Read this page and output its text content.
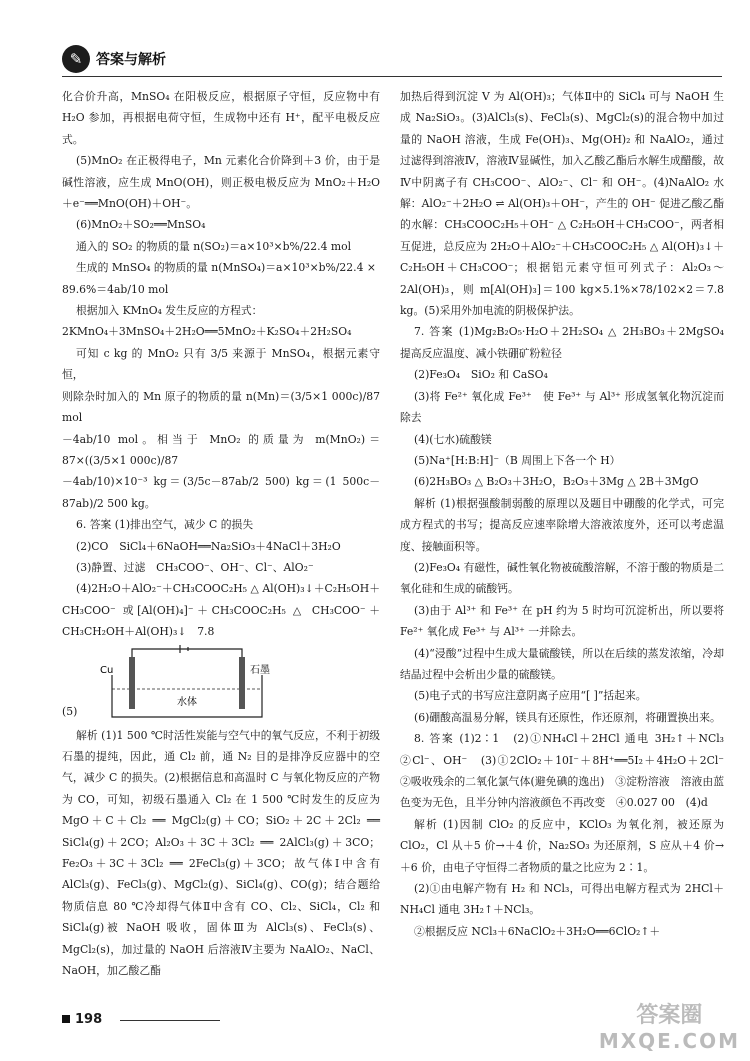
✎ 答案与解析

化合价升高，MnSO₄ 在阳极反应，根据原子守恒，反应物中有 H₂O 参加，再根据电荷守恒，生成物中还有 H⁺，配平电极反应式。

(5)MnO₂ 在正极得电子，Mn 元素化合价降到＋3 价，由于是碱性溶液，应生成 MnO(OH)，则正极电极反应为 MnO₂＋H₂O＋e⁻══MnO(OH)＋OH⁻。

(6)MnO₂＋SO₂══MnSO₄

通入的 SO₂ 的物质的量 n(SO₂)＝a×10³×b%/22.4 mol

生成的 MnSO₄ 的物质的量 n(MnSO₄)＝a×10³×b%/22.4 ×

89.6%＝4ab/10 mol

根据加入 KMnO₄ 发生反应的方程式：

2KMnO₄＋3MnSO₄＋2H₂O══5MnO₂＋K₂SO₄＋2H₂SO₄

可知 c kg 的 MnO₂ 只有 3/5 来源于 MnSO₄，根据元素守恒，

则除杂时加入的 Mn 原子的物质的量 n(Mn)＝(3/5×1 000c)/87 mol

－4ab/10 mol。相当于 MnO₂ 的质量为 m(MnO₂)＝87×((3/5×1 000c)/87

－4ab/10)×10⁻³ kg＝(3/5c－87ab/2 500) kg＝(1 500c－87ab)/2 500 kg。

6. 答案 (1)排出空气，减少 C 的损失

(2)CO　SiCl₄＋6NaOH══Na₂SiO₃＋4NaCl＋3H₂O

(3)静置、过滤　CH₃COO⁻、OH⁻、Cl⁻、AlO₂⁻

(4)2H₂O＋AlO₂⁻＋CH₃COOC₂H₅ △ Al(OH)₃↓＋C₂H₅OH＋CH₃COO⁻ 或[Al(OH)₄]⁻＋CH₃COOC₂H₅ △ CH₃COO⁻＋CH₃CH₂OH＋Al(OH)₃↓　7.8

(5)
Cu	石墨
水体

解析 (1)1 500 ℃时活性炭能与空气中的氧气反应，不利于初级石墨的提纯，因此，通 Cl₂ 前，通 N₂ 目的是排净反应器中的空气，减少 C 的损失。(2)根据信息和高温时 C 与氧化物反应的产物为 CO，可知，初级石墨通入 Cl₂ 在 1 500 ℃时发生的反应为 MgO＋C＋Cl₂ ══ MgCl₂(g)＋CO；SiO₂＋2C＋2Cl₂ ══ SiCl₄(g)＋2CO；Al₂O₃＋3C＋3Cl₂ ══ 2AlCl₃(g)＋3CO；Fe₂O₃＋3C＋3Cl₂ ══ 2FeCl₃(g)＋3CO；故气体Ⅰ中含有 AlCl₃(g)、FeCl₃(g)、MgCl₂(g)、SiCl₄(g)、CO(g)；结合题给物质信息 80 ℃冷却得气体Ⅱ中含有 CO、Cl₂、SiCl₄，Cl₂ 和 SiCl₄(g)被 NaOH 吸收，固体Ⅲ为 AlCl₃(s)、FeCl₃(s)、MgCl₂(s)，加过量的 NaOH 后溶液Ⅳ主要为 NaAlO₂、NaCl、NaOH，加乙酸乙酯

加热后得到沉淀 V 为 Al(OH)₃；气体Ⅱ中的 SiCl₄ 可与 NaOH 生成 Na₂SiO₃。(3)AlCl₃(s)、FeCl₃(s)、MgCl₂(s)的混合物中加过量的 NaOH 溶液，生成 Fe(OH)₃、Mg(OH)₂ 和 NaAlO₂，通过过滤得到溶液Ⅳ，溶液Ⅳ显碱性，加入乙酸乙酯后水解生成醋酸，故Ⅳ中阴离子有 CH₃COO⁻、AlO₂⁻、Cl⁻ 和 OH⁻。(4)NaAlO₂ 水解：AlO₂⁻＋2H₂O ⇌ Al(OH)₃＋OH⁻，产生的 OH⁻ 促进乙酸乙酯的水解：CH₃COOC₂H₅＋OH⁻ △ C₂H₅OH＋CH₃COO⁻，两者相互促进，总反应为 2H₂O＋AlO₂⁻＋CH₃COOC₂H₅ △ Al(OH)₃↓＋C₂H₅OH＋CH₃COO⁻；根据铝元素守恒可列式子：Al₂O₃～2Al(OH)₃，则 m[Al(OH)₃]＝100 kg×5.1%×78/102×2＝7.8 kg。(5)采用外加电流的阴极保护法。

7. 答案 (1)Mg₂B₂O₅·H₂O＋2H₂SO₄ △ 2H₃BO₃＋2MgSO₄　提高反应温度、减小铁硼矿粉粒径

(2)Fe₃O₄　SiO₂ 和 CaSO₄

(3)将 Fe²⁺ 氧化成 Fe³⁺　使 Fe³⁺ 与 Al³⁺ 形成氢氧化物沉淀而除去

(4)(七水)硫酸镁

(5)Na⁺[H:B:H]⁻（B 周围上下各一个 H）

(6)2H₃BO₃ △ B₂O₃＋3H₂O，B₂O₃＋3Mg △ 2B＋3MgO

解析 (1)根据强酸制弱酸的原理以及题目中硼酸的化学式，可完成方程式的书写；提高反应速率除增大溶液浓度外，还可以考虑温度、接触面积等。

(2)Fe₃O₄ 有磁性，碱性氧化物被硫酸溶解，不溶于酸的物质是二氧化硅和生成的硫酸钙。

(3)由于 Al³⁺ 和 Fe³⁺ 在 pH 约为 5 时均可沉淀析出，所以要将 Fe²⁺ 氧化成 Fe³⁺ 与 Al³⁺ 一并除去。

(4)“浸酸”过程中生成大量硫酸镁，所以在后续的蒸发浓缩，冷却结晶过程中会析出少量的硫酸镁。

(5)电子式的书写应注意阴离子应用“[ ]”括起来。

(6)硼酸高温易分解，镁具有还原性，作还原剂，将硼置换出来。

8. 答案 (1)2∶1　(2)①NH₄Cl＋2HCl 通电 3H₂↑＋NCl₃　②Cl⁻、OH⁻　(3)①2ClO₂＋10I⁻＋8H⁺══5I₂＋4H₂O＋2Cl⁻　②吸收残余的二氧化氯气体(避免碘的逸出)　③淀粉溶液　溶液由蓝色变为无色，且半分钟内溶液颜色不再改变　④0.027 00　(4)d

解析 (1)因制 ClO₂ 的反应中，KClO₃ 为氧化剂，被还原为 ClO₂，Cl 从＋5 价→＋4 价，Na₂SO₃ 为还原剂，S 应从＋4 价→＋6 价，由电子守恒得二者物质的量之比应为 2∶1。

(2)①由电解产物有 H₂ 和 NCl₃，可得出电解方程式为 2HCl＋NH₄Cl 通电 3H₂↑＋NCl₃。

②根据反应 NCl₃＋6NaClO₂＋3H₂O══6ClO₂↑＋

198	答案圈
MXQE.COM
